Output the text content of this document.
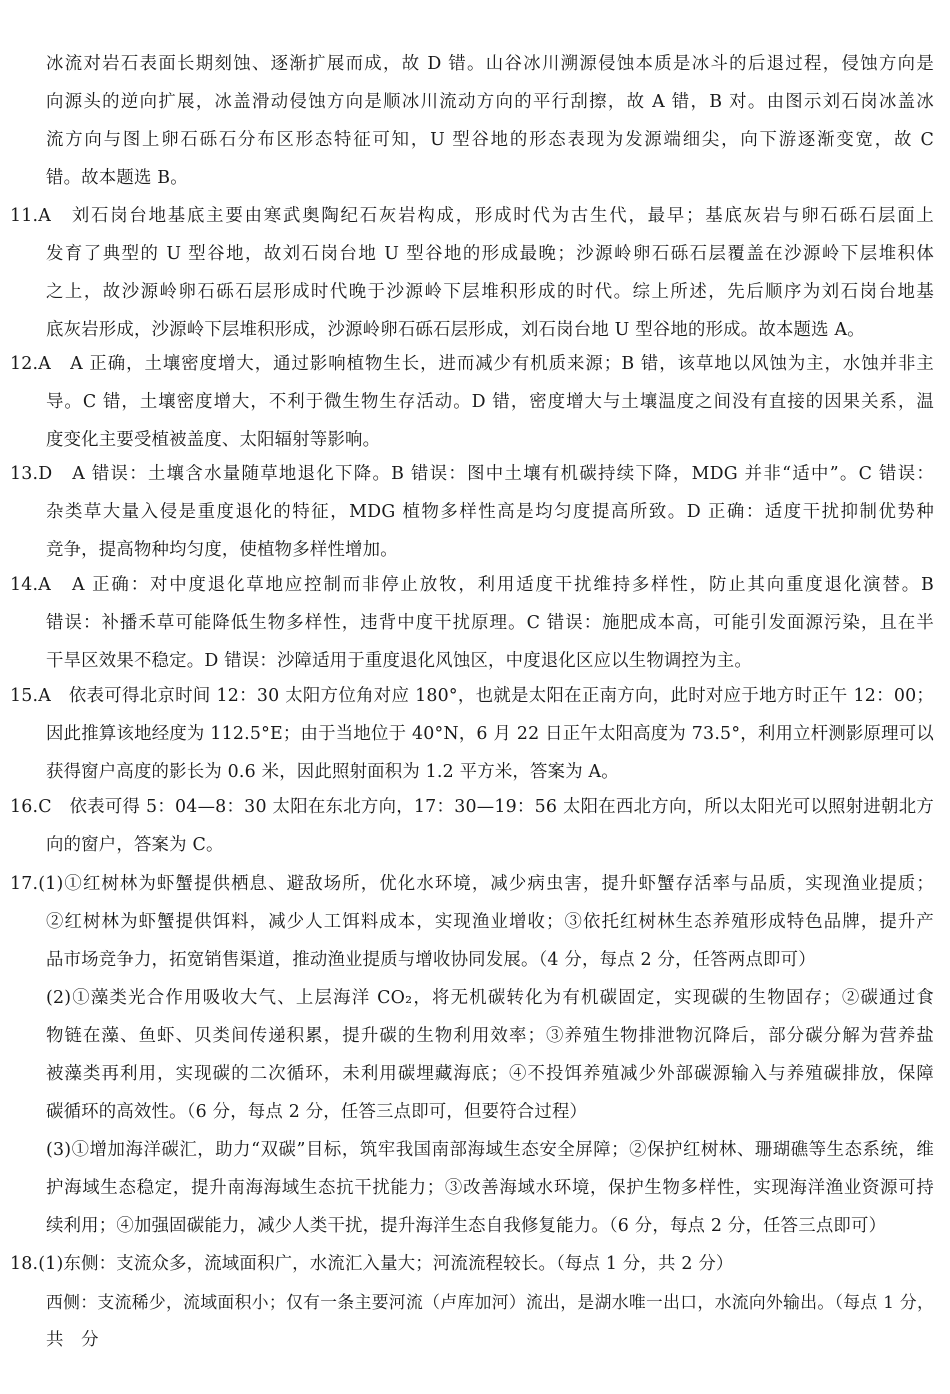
冰流对岩石表面长期刻蚀、逐渐扩展而成，故 D 错。山谷冰川溯源侵蚀本质是冰斗的后退过程，侵蚀方向是
向源头的逆向扩展，冰盖滑动侵蚀方向是顺冰川流动方向的平行刮擦，故 A 错，B 对。由图示刘石岗冰盖冰
流方向与图上卵石砾石分布区形态特征可知，U 型谷地的形态表现为发源端细尖，向下游逐渐变宽，故 C
错。故本题选 B。
11.A　刘石岗台地基底主要由寒武奥陶纪石灰岩构成，形成时代为古生代，最早；基底灰岩与卵石砾石层面上
发育了典型的 U 型谷地，故刘石岗台地 U 型谷地的形成最晚；沙源岭卵石砾石层覆盖在沙源岭下层堆积体
之上，故沙源岭卵石砾石层形成时代晚于沙源岭下层堆积形成的时代。综上所述，先后顺序为刘石岗台地基
底灰岩形成，沙源岭下层堆积形成，沙源岭卵石砾石层形成，刘石岗台地 U 型谷地的形成。故本题选 A。
12.A　A 正确，土壤密度增大，通过影响植物生长，进而减少有机质来源；B 错，该草地以风蚀为主，水蚀并非主
导。C 错，土壤密度增大，不利于微生物生存活动。D 错，密度增大与土壤温度之间没有直接的因果关系，温
度变化主要受植被盖度、太阳辐射等影响。
13.D　A 错误：土壤含水量随草地退化下降。B 错误：图中土壤有机碳持续下降，MDG 并非“适中”。C 错误：
杂类草大量入侵是重度退化的特征，MDG 植物多样性高是均匀度提高所致。D 正确：适度干扰抑制优势种
竞争，提高物种均匀度，使植物多样性增加。
14.A　A 正确：对中度退化草地应控制而非停止放牧，利用适度干扰维持多样性，防止其向重度退化演替。B
错误：补播禾草可能降低生物多样性，违背中度干扰原理。C 错误：施肥成本高，可能引发面源污染，且在半
干旱区效果不稳定。D 错误：沙障适用于重度退化风蚀区，中度退化区应以生物调控为主。
15.A　依表可得北京时间 12：30 太阳方位角对应 180°，也就是太阳在正南方向，此时对应于地方时正午 12：00；
因此推算该地经度为 112.5°E；由于当地位于 40°N，6 月 22 日正午太阳高度为 73.5°，利用立杆测影原理可以
获得窗户高度的影长为 0.6 米，因此照射面积为 1.2 平方米，答案为 A。
16.C　依表可得 5：04—8：30 太阳在东北方向，17：30—19：56 太阳在西北方向，所以太阳光可以照射进朝北方
向的窗户，答案为 C。
17.(1)①红树林为虾蟹提供栖息、避敌场所，优化水环境，减少病虫害，提升虾蟹存活率与品质，实现渔业提质；
②红树林为虾蟹提供饵料，减少人工饵料成本，实现渔业增收；③依托红树林生态养殖形成特色品牌，提升产
品市场竞争力，拓宽销售渠道，推动渔业提质与增收协同发展。（4 分，每点 2 分，任答两点即可）
(2)①藻类光合作用吸收大气、上层海洋 CO₂，将无机碳转化为有机碳固定，实现碳的生物固存；②碳通过食
物链在藻、鱼虾、贝类间传递积累，提升碳的生物利用效率；③养殖生物排泄物沉降后，部分碳分解为营养盐
被藻类再利用，实现碳的二次循环，未利用碳埋藏海底；④不投饵养殖减少外部碳源输入与养殖碳排放，保障
碳循环的高效性。（6 分，每点 2 分，任答三点即可，但要符合过程）
(3)①增加海洋碳汇，助力“双碳”目标，筑牢我国南部海域生态安全屏障；②保护红树林、珊瑚礁等生态系统，维
护海域生态稳定，提升南海海域生态抗干扰能力；③改善海域水环境，保护生物多样性，实现海洋渔业资源可持
续利用；④加强固碳能力，减少人类干扰，提升海洋生态自我修复能力。（6 分，每点 2 分，任答三点即可）
18.(1)东侧：支流众多，流域面积广，水流汇入量大；河流流程较长。（每点 1 分，共 2 分）
西侧：支流稀少，流域面积小；仅有一条主要河流（卢库加河）流出，是湖水唯一出口，水流向外输出。（每点 1 分，
共　分
